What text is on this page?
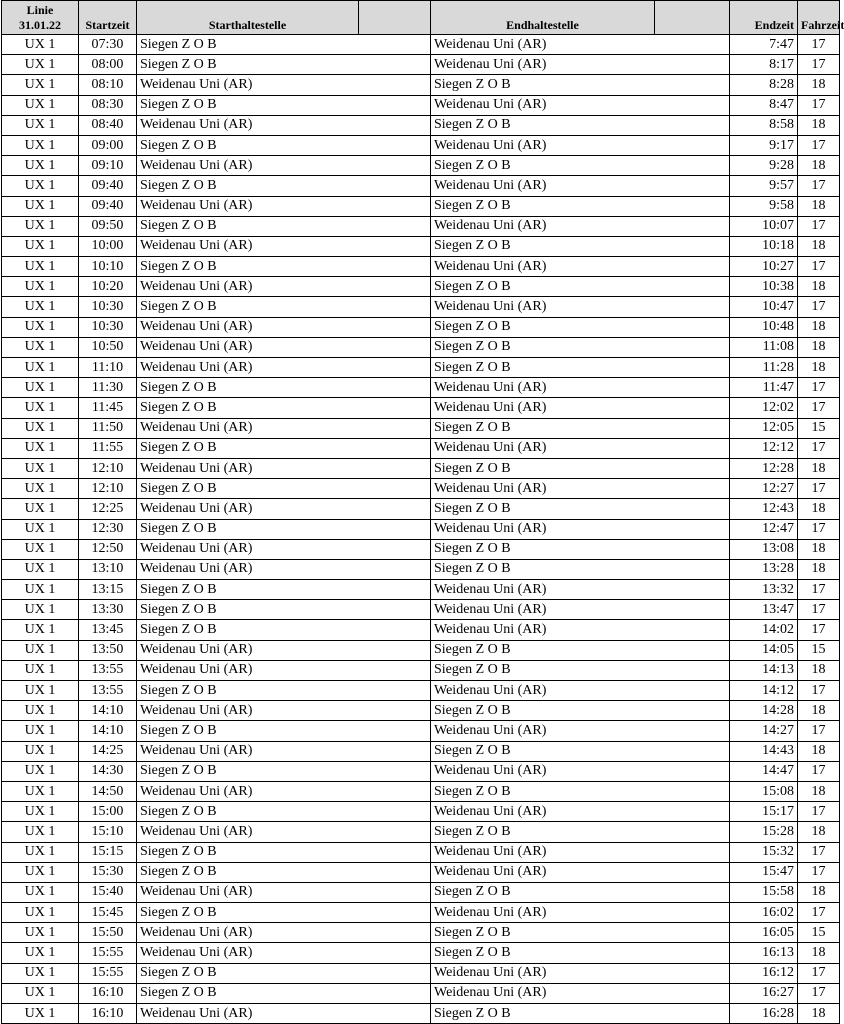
Linie
31.01.22	Startzeit	Starthaltestelle		Endhaltestelle		Endzeit	Fahrzeit
UX 1	07:30	Siegen Z O B		Weidenau Uni (AR)		7:47	17
UX 1	08:00	Siegen Z O B		Weidenau Uni (AR)		8:17	17
UX 1	08:10	Weidenau Uni (AR)		Siegen Z O B		8:28	18
UX 1	08:30	Siegen Z O B		Weidenau Uni (AR)		8:47	17
UX 1	08:40	Weidenau Uni (AR)		Siegen Z O B		8:58	18
UX 1	09:00	Siegen Z O B		Weidenau Uni (AR)		9:17	17
UX 1	09:10	Weidenau Uni (AR)		Siegen Z O B		9:28	18
UX 1	09:40	Siegen Z O B		Weidenau Uni (AR)		9:57	17
UX 1	09:40	Weidenau Uni (AR)		Siegen Z O B		9:58	18
UX 1	09:50	Siegen Z O B		Weidenau Uni (AR)		10:07	17
UX 1	10:00	Weidenau Uni (AR)		Siegen Z O B		10:18	18
UX 1	10:10	Siegen Z O B		Weidenau Uni (AR)		10:27	17
UX 1	10:20	Weidenau Uni (AR)		Siegen Z O B		10:38	18
UX 1	10:30	Siegen Z O B		Weidenau Uni (AR)		10:47	17
UX 1	10:30	Weidenau Uni (AR)		Siegen Z O B		10:48	18
UX 1	10:50	Weidenau Uni (AR)		Siegen Z O B		11:08	18
UX 1	11:10	Weidenau Uni (AR)		Siegen Z O B		11:28	18
UX 1	11:30	Siegen Z O B		Weidenau Uni (AR)		11:47	17
UX 1	11:45	Siegen Z O B		Weidenau Uni (AR)		12:02	17
UX 1	11:50	Weidenau Uni (AR)		Siegen Z O B		12:05	15
UX 1	11:55	Siegen Z O B		Weidenau Uni (AR)		12:12	17
UX 1	12:10	Weidenau Uni (AR)		Siegen Z O B		12:28	18
UX 1	12:10	Siegen Z O B		Weidenau Uni (AR)		12:27	17
UX 1	12:25	Weidenau Uni (AR)		Siegen Z O B		12:43	18
UX 1	12:30	Siegen Z O B		Weidenau Uni (AR)		12:47	17
UX 1	12:50	Weidenau Uni (AR)		Siegen Z O B		13:08	18
UX 1	13:10	Weidenau Uni (AR)		Siegen Z O B		13:28	18
UX 1	13:15	Siegen Z O B		Weidenau Uni (AR)		13:32	17
UX 1	13:30	Siegen Z O B		Weidenau Uni (AR)		13:47	17
UX 1	13:45	Siegen Z O B		Weidenau Uni (AR)		14:02	17
UX 1	13:50	Weidenau Uni (AR)		Siegen Z O B		14:05	15
UX 1	13:55	Weidenau Uni (AR)		Siegen Z O B		14:13	18
UX 1	13:55	Siegen Z O B		Weidenau Uni (AR)		14:12	17
UX 1	14:10	Weidenau Uni (AR)		Siegen Z O B		14:28	18
UX 1	14:10	Siegen Z O B		Weidenau Uni (AR)		14:27	17
UX 1	14:25	Weidenau Uni (AR)		Siegen Z O B		14:43	18
UX 1	14:30	Siegen Z O B		Weidenau Uni (AR)		14:47	17
UX 1	14:50	Weidenau Uni (AR)		Siegen Z O B		15:08	18
UX 1	15:00	Siegen Z O B		Weidenau Uni (AR)		15:17	17
UX 1	15:10	Weidenau Uni (AR)		Siegen Z O B		15:28	18
UX 1	15:15	Siegen Z O B		Weidenau Uni (AR)		15:32	17
UX 1	15:30	Siegen Z O B		Weidenau Uni (AR)		15:47	17
UX 1	15:40	Weidenau Uni (AR)		Siegen Z O B		15:58	18
UX 1	15:45	Siegen Z O B		Weidenau Uni (AR)		16:02	17
UX 1	15:50	Weidenau Uni (AR)		Siegen Z O B		16:05	15
UX 1	15:55	Weidenau Uni (AR)		Siegen Z O B		16:13	18
UX 1	15:55	Siegen Z O B		Weidenau Uni (AR)		16:12	17
UX 1	16:10	Siegen Z O B		Weidenau Uni (AR)		16:27	17
UX 1	16:10	Weidenau Uni (AR)		Siegen Z O B		16:28	18
